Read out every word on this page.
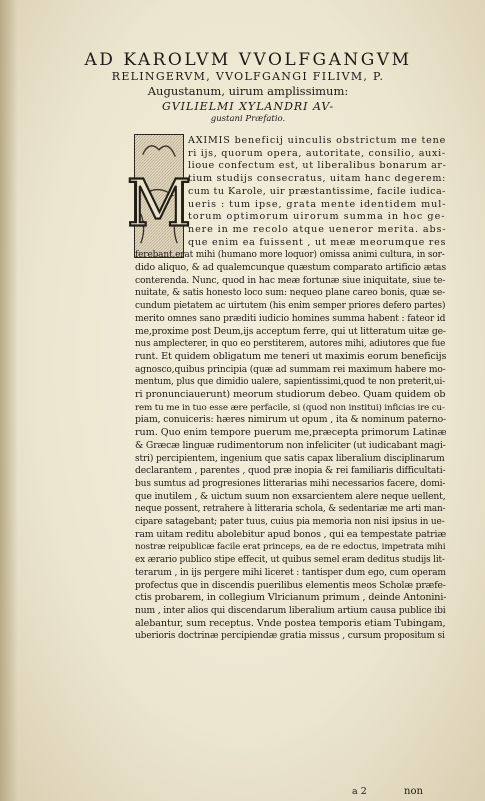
AD KAROLVM VVOLFGANGVM
RELINGERVM, VVOLFGANGI FILIVM, P.
Augustanum, uirum amplissimum:
GVILIELMI XYLANDRI AV-
gustani Præfatio.
M
AXIMIS beneficij uinculis obstrictum me tene
ri ijs, quorum opera, autoritate, consilio, auxi-
lioue confectum est, ut liberalibus bonarum ar-
tium studijs consecratus, uitam hanc degerem:
cum tu Karole, uir præstantissime, facile iudica-
ueris : tum ipse, grata mente identidem mul-
torum optimorum uirorum summa in hoc ge-
nere in me recolo atque ueneror merita. abs-
que enim ea fuissent , ut meæ meorumque res
ferebant,erat mihi (humano more loquor) omissa animi cultura, in sor-
dido aliquo, & ad qualemcunque quæstum comparato artificio ætas
conterenda. Nunc, quod in hac meæ fortunæ siue iniquitate, siue te-
nuitate, & satis honesto loco sum: nequeo plane careo bonis, quæ se-
cundum pietatem ac uirtutem (his enim semper priores defero partes)
merito omnes sano præditi iudicio homines summa habent : fateor id
me,proxime post Deum,ijs acceptum ferre, qui ut litteratum uitæ ge-
nus amplecterer, in quo eo perstiterem, autores mihi, adiutores que fue
runt. Et quidem obligatum me teneri ut maximis eorum beneficijs
agnosco,quibus principia (quæ ad summam rei maximum habere mo-
mentum, plus que dimidio ualere, sapientissimi,quod te non preterit,ui-
ri pronunciauerunt) meorum studiorum debeo. Quam quidem ob
rem tu me in tuo esse ære perfacile, si (quod non institui) inficias ire cu-
piam, conuiceris: hæres nimirum ut opum , ita & nominum paterno-
rum. Quo enim tempore puerum me,præcepta primorum Latinæ
& Græcæ linguæ rudimentorum non infeliciter (ut iudicabant magi-
stri) percipientem, ingenium que satis capax liberalium disciplinarum
declarantem , parentes , quod præ inopia & rei familiaris difficultati-
bus sumtus ad progresiones litterarias mihi necessarios facere, domi-
que inutilem , & uictum suum non exsarcientem alere neque uellent,
neque possent, retrahere à litteraria schola, & sedentariæ me arti man-
cipare satagebant; pater tuus, cuius pia memoria non nisi ipsius in ue-
ram uitam reditu abolebitur apud bonos , qui ea tempestate patriæ
nostræ reipublicæ facile erat princeps, ea de re edoctus, impetrata mihi
ex ærario publico stipe effecit, ut quibus semel eram deditus studijs lit-
terarum , in ijs pergere mihi liceret : tantisper dum ego, cum operam
profectus que in discendis puerilibus elementis meos Scholæ præfe-
ctis probarem, in collegium Vlricianum primum , deinde Antonini-
num , inter alios qui discendarum liberalium artium causa publice ibi
alebantur, sum receptus. Vnde postea temporis etiam Tubingam,
uberioris doctrinæ percipiendæ gratia missus , cursum propositum si
a 2	non
